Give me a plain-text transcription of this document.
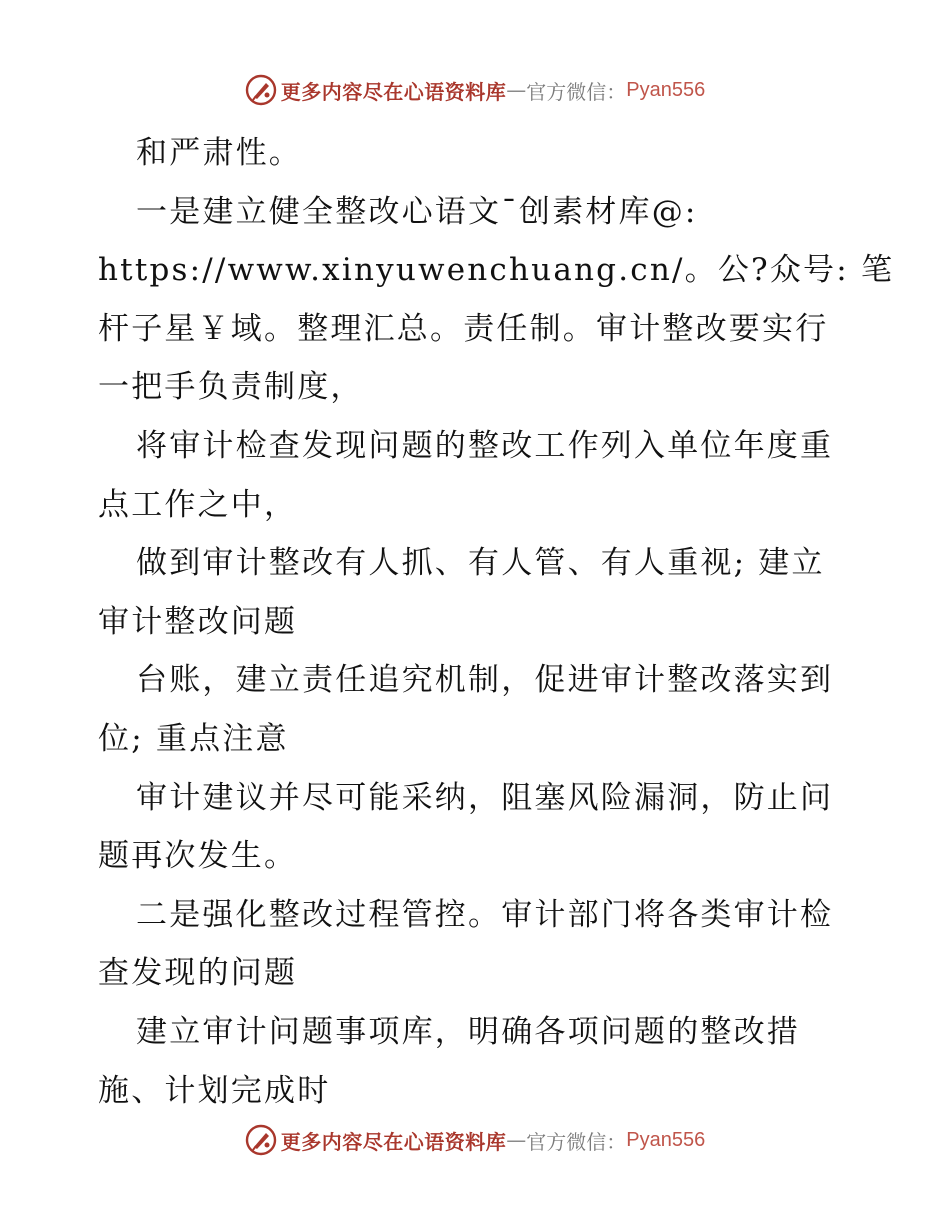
更多内容尽在心语资料库 — 官方微信： Pyan556
和严肃性。
一是建立健全整改心语文¯创素材库@:
https://www.xinyuwenchuang.cn/。公?众号: 笔
杆子星￥域。整理汇总。责任制。审计整改要实行
一把手负责制度，
将审计检查发现问题的整改工作列入单位年度重
点工作之中，
做到审计整改有人抓、有人管、有人重视; 建立
审计整改问题
台账，建立责任追究机制，促进审计整改落实到
位; 重点注意
审计建议并尽可能采纳，阻塞风险漏洞，防止问
题再次发生。
二是强化整改过程管控。审计部门将各类审计检
查发现的问题
建立审计问题事项库，明确各项问题的整改措
施、计划完成时
更多内容尽在心语资料库 — 官方微信： Pyan556
